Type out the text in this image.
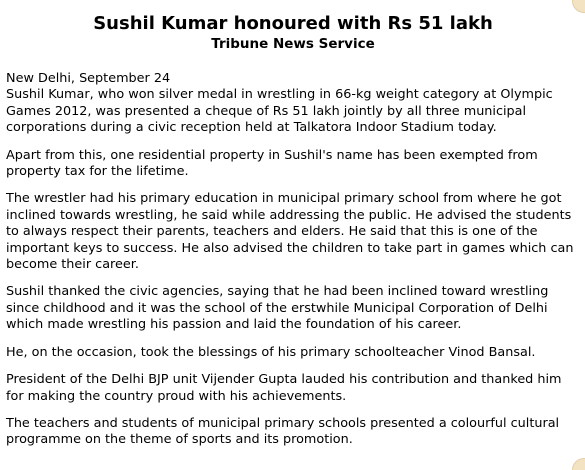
Sushil Kumar honoured with Rs 51 lakh
Tribune News Service

New Delhi, September 24
Sushil Kumar, who won silver medal in wrestling in 66-kg weight category at Olympic Games 2012, was presented a cheque of Rs 51 lakh jointly by all three municipal corporations during a civic reception held at Talkatora Indoor Stadium today.

Apart from this, one residential property in Sushil's name has been exempted from property tax for the lifetime.

The wrestler had his primary education in municipal primary school from where he got inclined towards wrestling, he said while addressing the public. He advised the students to always respect their parents, teachers and elders. He said that this is one of the important keys to success. He also advised the children to take part in games which can become their career.

Sushil thanked the civic agencies, saying that he had been inclined toward wrestling since childhood and it was the school of the erstwhile Municipal Corporation of Delhi which made wrestling his passion and laid the foundation of his career.

He, on the occasion, took the blessings of his primary schoolteacher Vinod Bansal.

President of the Delhi BJP unit Vijender Gupta lauded his contribution and thanked him for making the country proud with his achievements.

The teachers and students of municipal primary schools presented a colourful cultural programme on the theme of sports and its promotion.
